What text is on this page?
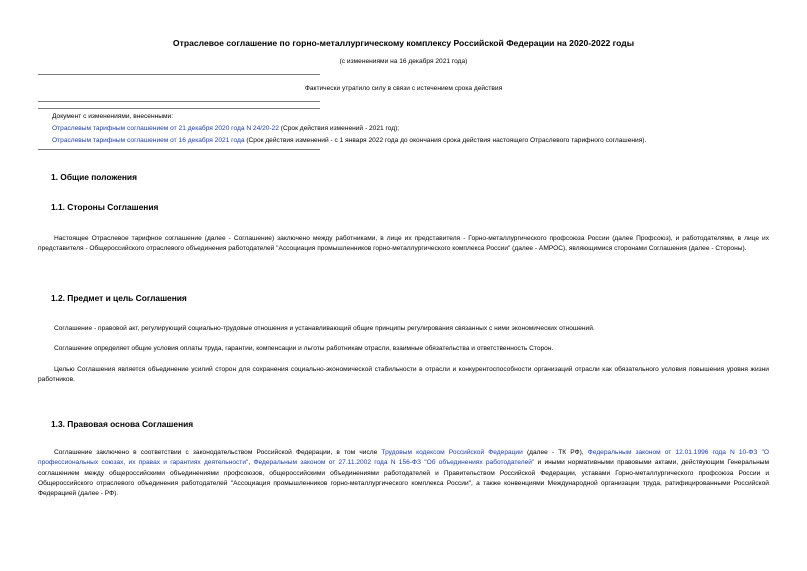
Отраслевое соглашение по горно-металлургическому комплексу Российской Федерации на 2020-2022 годы
(с изменениями на 16 декабря 2021 года)
Фактически утратило силу в связи с истечением срока действия
Документ с изменениями, внесенными:
Отраслевым тарифным соглашением от 21 декабря 2020 года N 24/20-22 (Срок действия изменений - 2021 год);
Отраслевым тарифным соглашением от 16 декабря 2021 года (Срок действия изменений - с 1 января 2022 года до окончания срока действия настоящего Отраслевого тарифного соглашения).
1. Общие положения
1.1. Стороны Соглашения
Настоящее Отраслевое тарифное соглашение (далее - Соглашение) заключено между работниками, в лице их представителя - Горно-металлургического профсоюза России (далее Профсоюз), и работодателями, в лице их представителя - Общероссийского отраслевого объединения работодателей "Ассоциация промышленников горно-металлургического комплекса России" (далее - АМРОС), являющимися сторонами Соглашения (далее - Стороны).
1.2. Предмет и цель Соглашения
Соглашение - правовой акт, регулирующий социально-трудовые отношения и устанавливающий общие принципы регулирования связанных с ними экономических отношений.
Соглашение определяет общие условия оплаты труда, гарантии, компенсации и льготы работникам отрасли, взаимные обязательства и ответственность Сторон.
Целью Соглашения является объединение усилий сторон для сохранения социально-экономической стабильности в отрасли и конкурентоспособности организаций отрасли как обязательного условия повышения уровня жизни работников.
1.3. Правовая основа Соглашения
Соглашение заключено в соответствии с законодательством Российской Федерации, в том числе Трудовым кодексом Российской Федерации (далее - ТК РФ), Федеральным законом от 12.01.1996 года N 10-ФЗ "О профессиональных союзах, их правах и гарантиях деятельности", Федеральным законом от 27.11.2002 года N 156-ФЗ "Об объединениях работодателей" и иными нормативными правовыми актами, действующим Генеральным соглашением между общероссийскими объединениями профсоюзов, общероссийскими объединениями работодателей и Правительством Российской Федерации, уставами Горно-металлургического профсоюза России и Общероссийского отраслевого объединения работодателей "Ассоциация промышленников горно-металлургического комплекса России", а также конвенциями Международной организации труда, ратифицированными Российской Федерацией (далее - РФ).
